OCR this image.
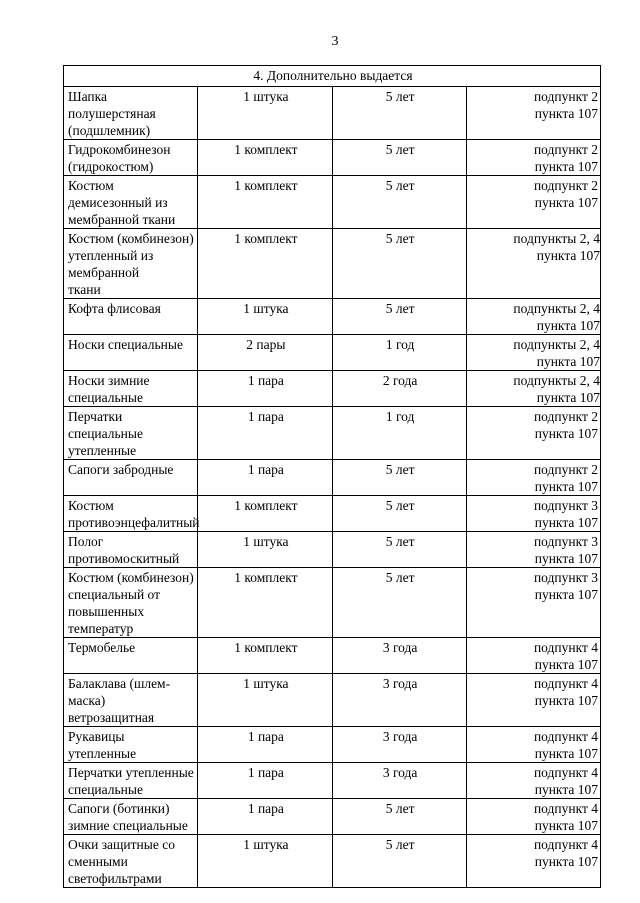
3
4. Дополнительно выдается			
Шапка полушерстяная
(подшлемник)	1 штука	5 лет	подпункт 2
пункта 107

Гидрокомбинезон
(гидрокостюм)	1 комплект	5 лет	подпункт 2
пункта 107

Костюм демисезонный из
мембранной ткани	1 комплект	5 лет	подпункт 2
пункта 107

Костюм (комбинезон)
утепленный из мембранной
ткани	1 комплект	5 лет	подпункты 2, 4
пункта 107

Кофта флисовая	1 штука	5 лет	подпункты 2, 4
пункта 107

Носки специальные	2 пары	1 год	подпункты 2, 4
пункта 107

Носки зимние специальные	1 пара	2 года	подпункты 2, 4
пункта 107

Перчатки специальные
утепленные	1 пара	1 год	подпункт 2
пункта 107

Сапоги забродные	1 пара	5 лет	подпункт 2
пункта 107

Костюм
противоэнцефалитный	1 комплект	5 лет	подпункт 3
пункта 107

Полог противомоскитный	1 штука	5 лет	подпункт 3
пункта 107

Костюм (комбинезон)
специальный от
повышенных температур	1 комплект	5 лет	подпункт 3
пункта 107

Термобелье	1 комплект	3 года	подпункт 4
пункта 107

Балаклава (шлем-маска)
ветрозащитная	1 штука	3 года	подпункт 4
пункта 107

Рукавицы утепленные	1 пара	3 года	подпункт 4
пункта 107

Перчатки утепленные
специальные	1 пара	3 года	подпункт 4
пункта 107

Сапоги (ботинки)
зимние специальные	1 пара	5 лет	подпункт 4
пункта 107

Очки защитные со
сменными светофильтрами	1 штука	5 лет	подпункт 4
пункта 107
